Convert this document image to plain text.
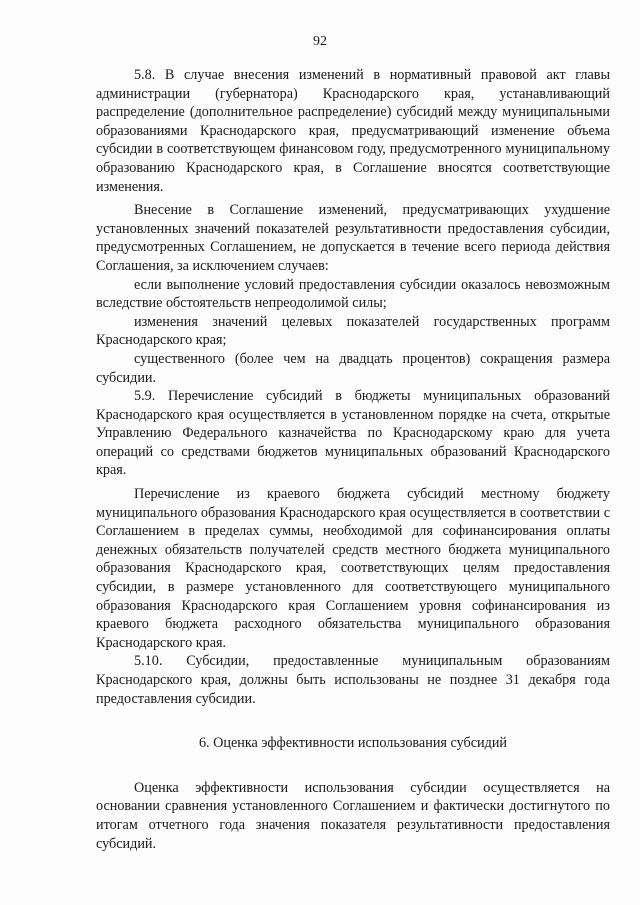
92

5.8. В случае внесения изменений в нормативный правовой акт главы администрации (губернатора) Краснодарского края, устанавливающий распределение (дополнительное распределение) субсидий между муниципальными образованиями Краснодарского края, предусматривающий изменение объема субсидии в соответствующем финансовом году, предусмотренного муниципальному образованию Краснодарского края, в Соглашение вносятся соответствующие изменения.

Внесение в Соглашение изменений, предусматривающих ухудшение установленных значений показателей результативности предоставления субсидии, предусмотренных Соглашением, не допускается в течение всего периода действия Соглашения, за исключением случаев:

если выполнение условий предоставления субсидии оказалось невозможным вследствие обстоятельств непреодолимой силы;

изменения значений целевых показателей государственных программ Краснодарского края;

существенного (более чем на двадцать процентов) сокращения размера субсидии.

5.9. Перечисление субсидий в бюджеты муниципальных образований Краснодарского края осуществляется в установленном порядке на счета, открытые Управлению Федерального казначейства по Краснодарскому краю для учета операций со средствами бюджетов муниципальных образований Краснодарского края.

Перечисление из краевого бюджета субсидий местному бюджету муниципального образования Краснодарского края осуществляется в соответствии с Соглашением в пределах суммы, необходимой для софинансирования оплаты денежных обязательств получателей средств местного бюджета муниципального образования Краснодарского края, соответствующих целям предоставления субсидии, в размере установленного для соответствующего муниципального образования Краснодарского края Соглашением уровня софинансирования из краевого бюджета расходного обязательства муниципального образования Краснодарского края.

5.10. Субсидии, предоставленные муниципальным образованиям Краснодарского края, должны быть использованы не позднее 31 декабря года предоставления субсидии.

6. Оценка эффективности использования субсидий

Оценка эффективности использования субсидии осуществляется на основании сравнения установленного Соглашением и фактически достигнутого по итогам отчетного года значения показателя результативности предоставления субсидий.
